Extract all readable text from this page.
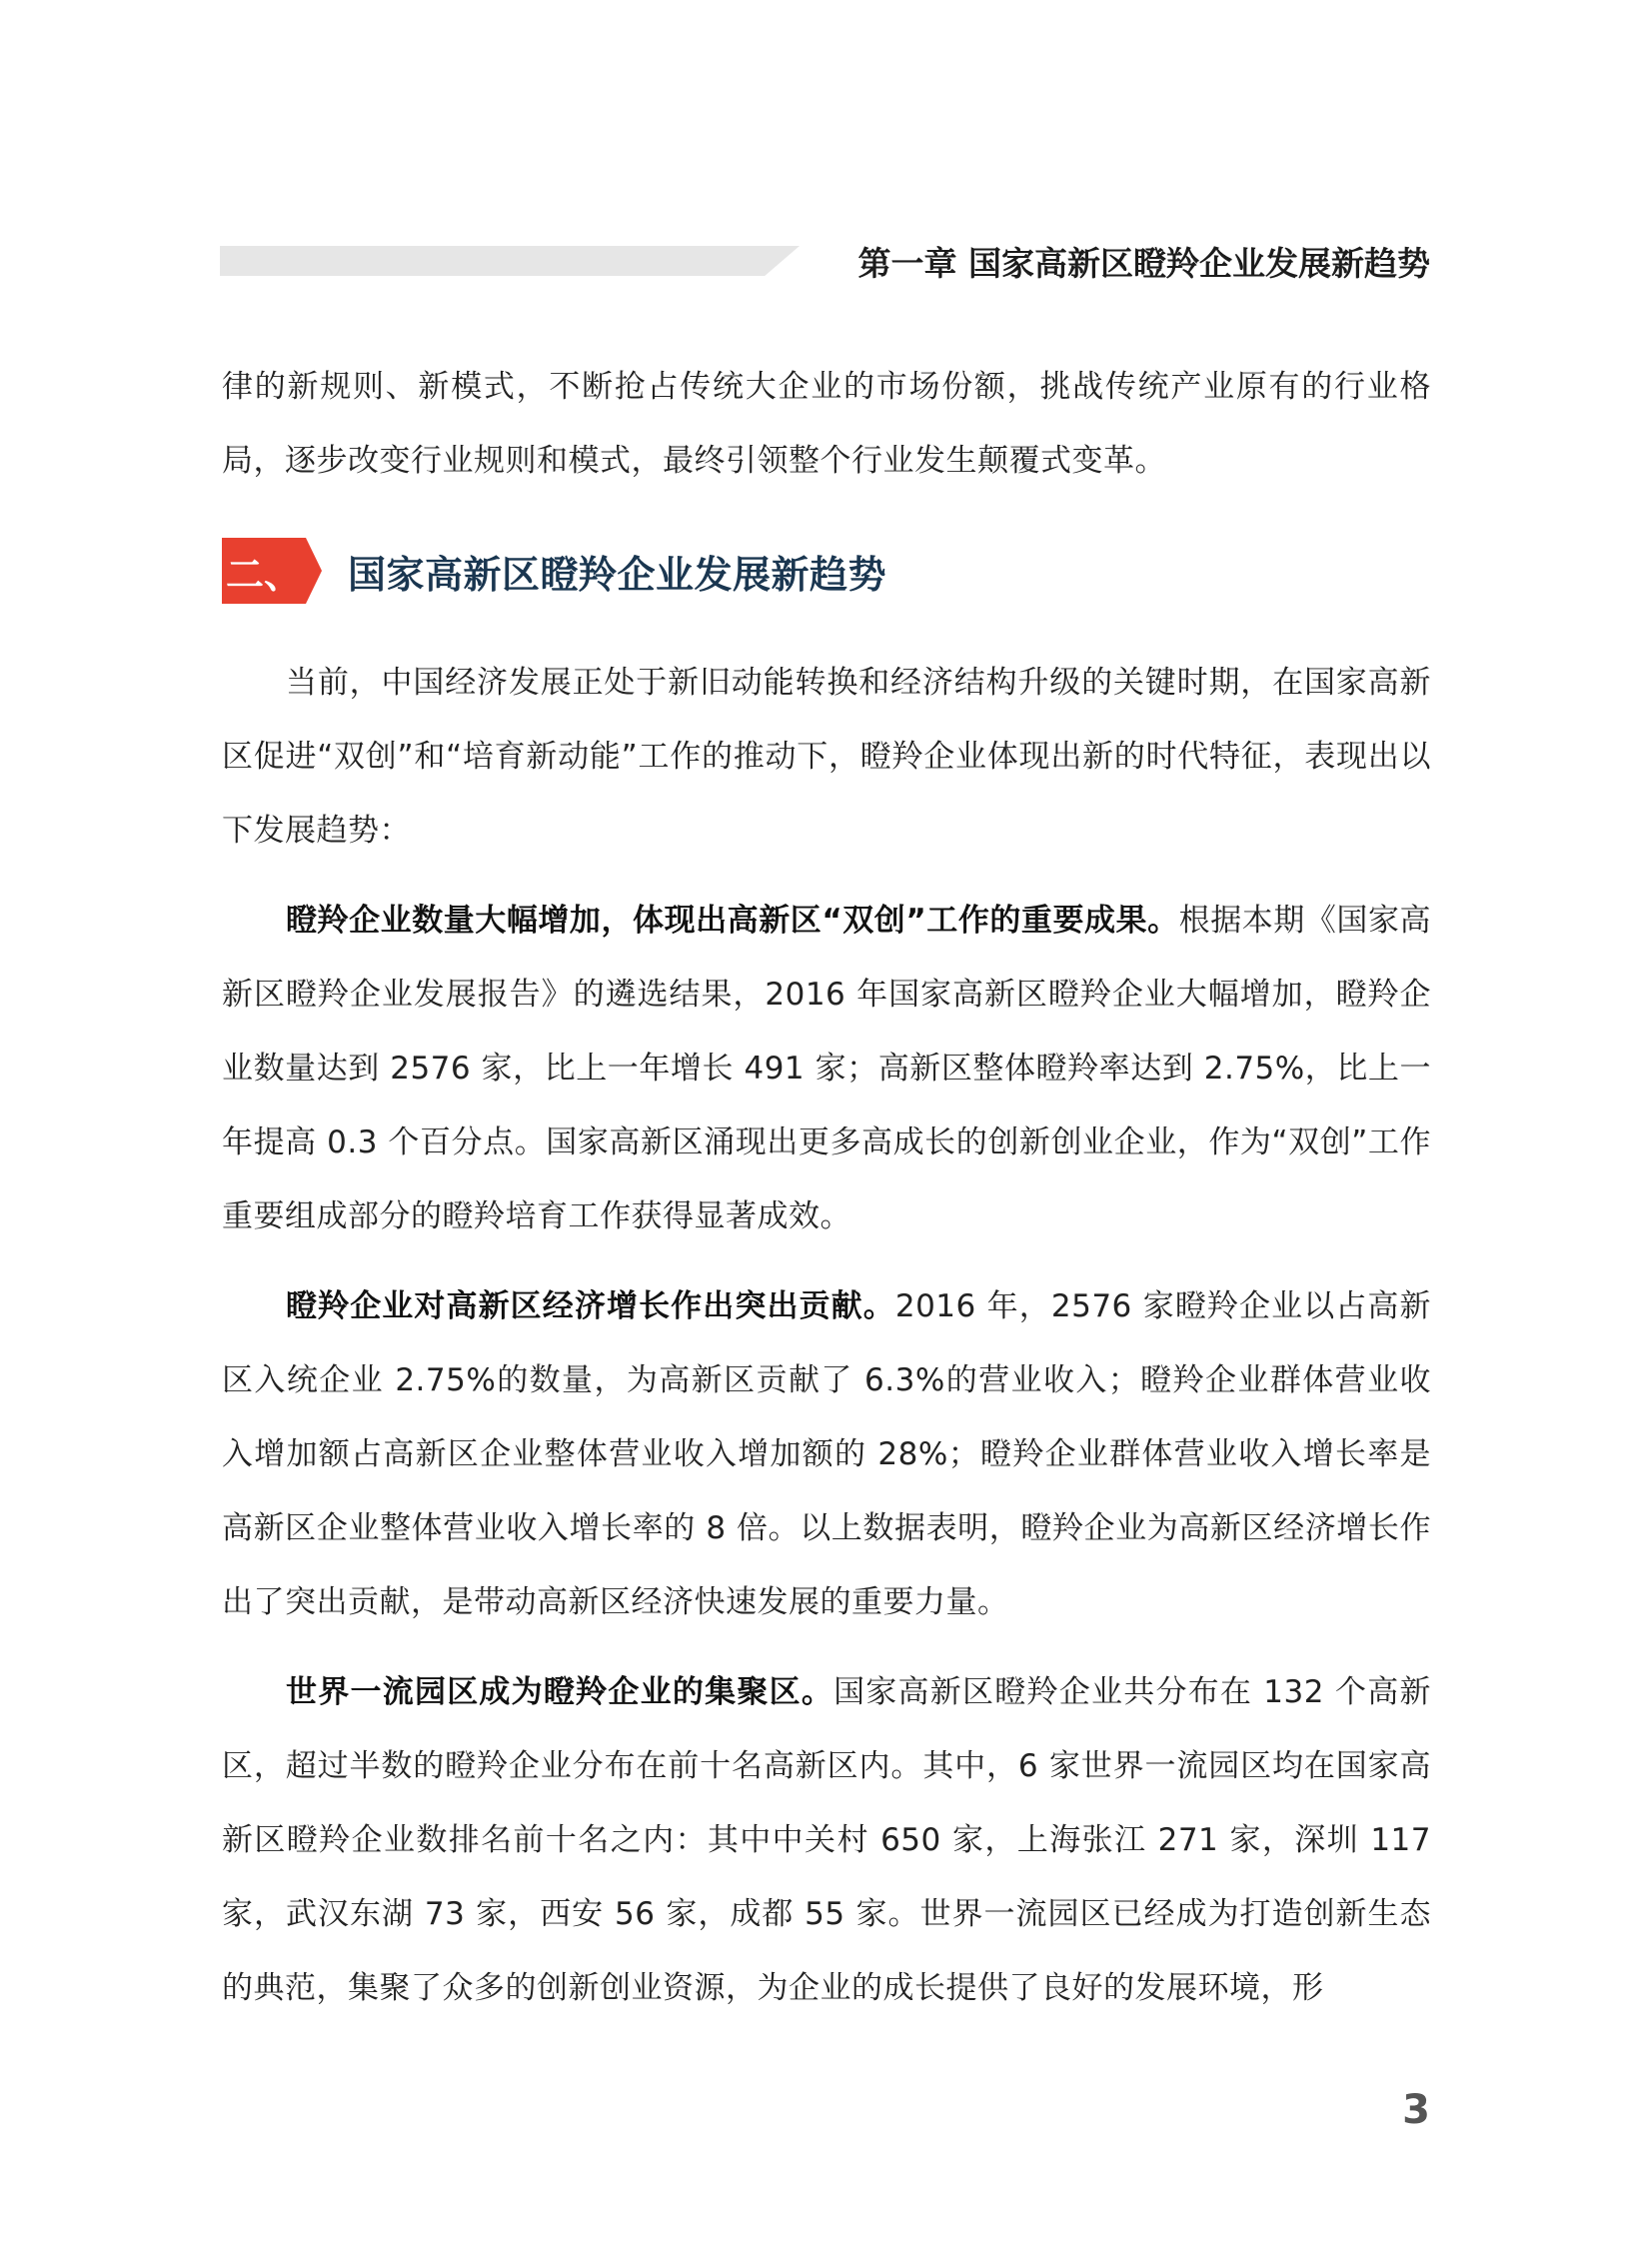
第一章 国家高新区瞪羚企业发展新趋势

律的新规则、新模式，不断抢占传统大企业的市场份额，挑战传统产业原有的行业格局，逐步改变行业规则和模式，最终引领整个行业发生颠覆式变革。

二、 国家高新区瞪羚企业发展新趋势

当前，中国经济发展正处于新旧动能转换和经济结构升级的关键时期，在国家高新区促进“双创”和“培育新动能”工作的推动下，瞪羚企业体现出新的时代特征，表现出以下发展趋势：

瞪羚企业数量大幅增加，体现出高新区“双创”工作的重要成果。根据本期《国家高新区瞪羚企业发展报告》的遴选结果，2016 年国家高新区瞪羚企业大幅增加，瞪羚企业数量达到 2576 家，比上一年增长 491 家；高新区整体瞪羚率达到 2.75%，比上一年提高 0.3 个百分点。国家高新区涌现出更多高成长的创新创业企业，作为“双创”工作重要组成部分的瞪羚培育工作获得显著成效。

瞪羚企业对高新区经济增长作出突出贡献。2016 年，2576 家瞪羚企业以占高新区入统企业 2.75%的数量，为高新区贡献了 6.3%的营业收入；瞪羚企业群体营业收入增加额占高新区企业整体营业收入增加额的 28%；瞪羚企业群体营业收入增长率是高新区企业整体营业收入增长率的 8 倍。以上数据表明，瞪羚企业为高新区经济增长作出了突出贡献，是带动高新区经济快速发展的重要力量。

世界一流园区成为瞪羚企业的集聚区。国家高新区瞪羚企业共分布在 132 个高新区，超过半数的瞪羚企业分布在前十名高新区内。其中，6 家世界一流园区均在国家高新区瞪羚企业数排名前十名之内：其中中关村 650 家，上海张江 271 家，深圳 117 家，武汉东湖 73 家，西安 56 家，成都 55 家。世界一流园区已经成为打造创新生态的典范，集聚了众多的创新创业资源，为企业的成长提供了良好的发展环境，形

3
